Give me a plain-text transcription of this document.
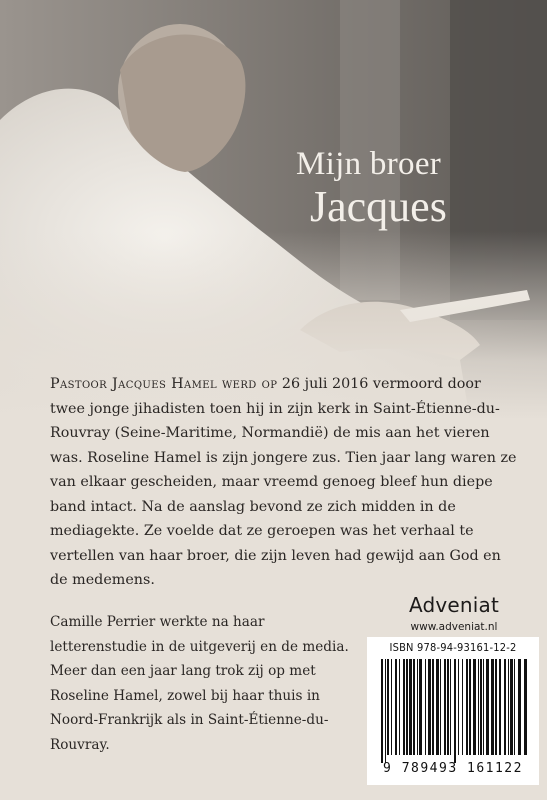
Mijn broer
Jacques

Pastoor Jacques Hamel werd op 26 juli 2016 vermoord door twee jonge jihadisten toen hij in zijn kerk in Saint-Étienne-du-Rouvray (Seine-Maritime, Normandië) de mis aan het vieren was. Roseline Hamel is zijn jongere zus. Tien jaar lang waren ze van elkaar gescheiden, maar vreemd genoeg bleef hun diepe band intact. Na de aanslag bevond ze zich midden in de mediagekte. Ze voelde dat ze geroepen was het verhaal te vertellen van haar broer, die zijn leven had gewijd aan God en de medemens.

Camille Perrier werkte na haar letterenstudie in de uitgeverij en de media. Meer dan een jaar lang trok zij op met Roseline Hamel, zowel bij haar thuis in Noord-Frankrijk als in Saint-Étienne-du-Rouvray.

Adveniat
www.adveniat.nl
ISBN 978-94-93161-12-2
9 789493 161122
